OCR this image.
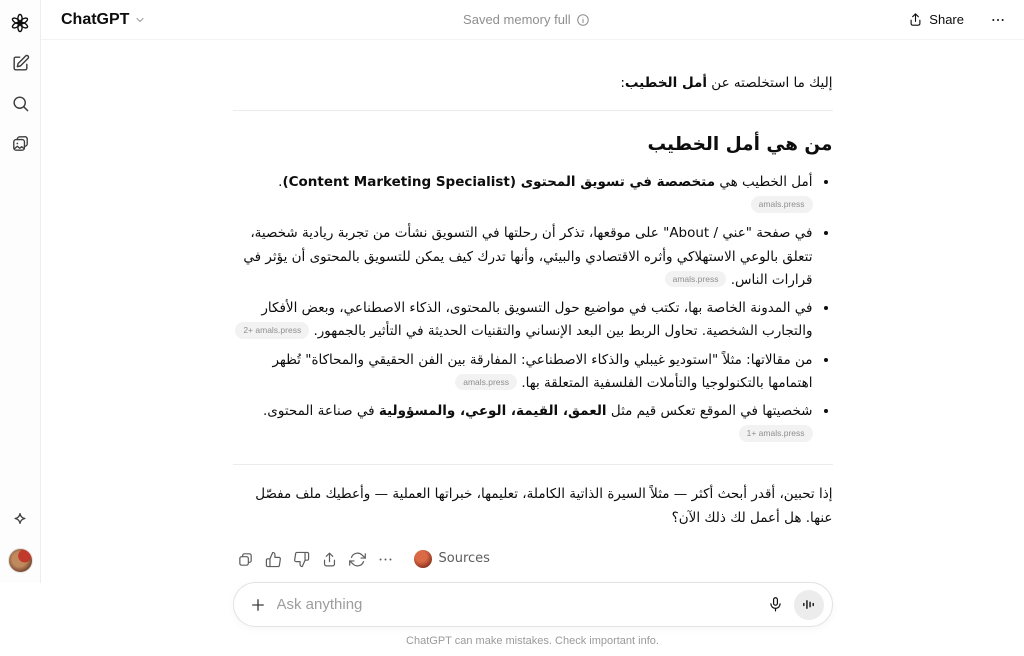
ChatGPT	Saved memory full	Share

إليك ما استخلصته عن أمل الخطيب:

من هي أمل الخطيب
• أمل الخطيب هي متخصصة في تسويق المحتوى (Content Marketing Specialist). amals.press
• في صفحة "عني / About" على موقعها، تذكر أن رحلتها في التسويق نشأت من تجربة ريادية شخصية، تتعلق بالوعي الاستهلاكي وأثره الاقتصادي والبيئي، وأنها تدرك كيف يمكن للتسويق بالمحتوى أن يؤثر في قرارات الناس. amals.press
• في المدونة الخاصة بها، تكتب في مواضيع حول التسويق بالمحتوى، الذكاء الاصطناعي، وبعض الأفكار والتجارب الشخصية. تحاول الربط بين البعد الإنساني والتقنيات الحديثة في التأثير بالجمهور. 2+ amals.press
• من مقالاتها: مثلاً "استوديو غيبلي والذكاء الاصطناعي: المفارقة بين الفن الحقيقي والمحاكاة" تُظهر اهتمامها بالتكنولوجيا والتأملات الفلسفية المتعلقة بها. amals.press
• شخصيتها في الموقع تعكس قيم مثل العمق، القيمة، الوعي، والمسؤولية في صناعة المحتوى. 1+ amals.press

إذا تحبين، أقدر أبحث أكثر — مثلاً السيرة الذاتية الكاملة، تعليمها، خبراتها العملية — وأعطيك ملف مفصّل عنها. هل أعمل لك ذلك الآن؟

Sources
Ask anything
ChatGPT can make mistakes. Check important info.
